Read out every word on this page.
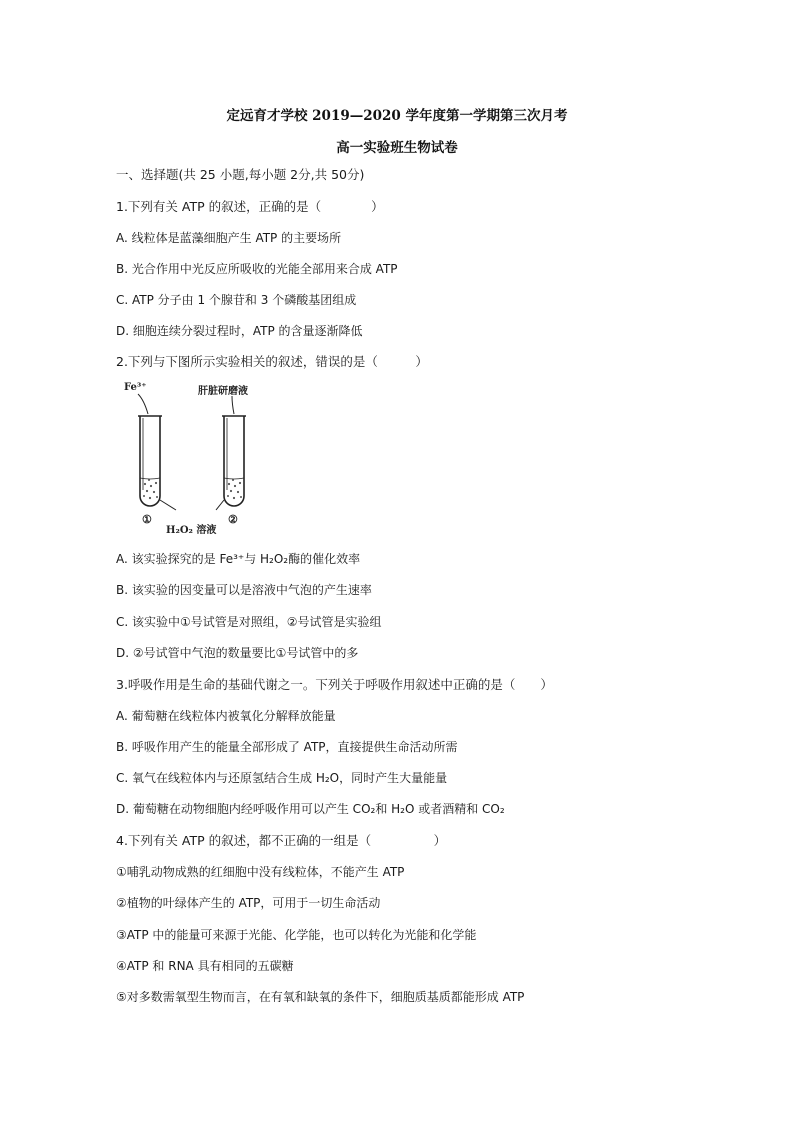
定远育才学校 2019—2020 学年度第一学期第三次月考
高一实验班生物试卷
一、选择题(共 25 小题,每小题 2分,共 50分)
1.下列有关 ATP 的叙述，正确的是（　　　　）
A. 线粒体是蓝藻细胞产生 ATP 的主要场所
B. 光合作用中光反应所吸收的光能全部用来合成 ATP
C. ATP 分子由 1 个腺苷和 3 个磷酸基团组成
D. 细胞连续分裂过程时，ATP 的含量逐渐降低
2.下列与下图所示实验相关的叙述，错误的是（　　　）
Fe³⁺	肝脏研磨液
H₂O₂ 溶液
①	②
A. 该实验探究的是 Fe³⁺与 H₂O₂酶的催化效率
B. 该实验的因变量可以是溶液中气泡的产生速率
C. 该实验中①号试管是对照组，②号试管是实验组
D. ②号试管中气泡的数量要比①号试管中的多
3.呼吸作用是生命的基础代谢之一。下列关于呼吸作用叙述中正确的是（　　）
A. 葡萄糖在线粒体内被氧化分解释放能量
B. 呼吸作用产生的能量全部形成了 ATP，直接提供生命活动所需
C. 氧气在线粒体内与还原氢结合生成 H₂O，同时产生大量能量
D. 葡萄糖在动物细胞内经呼吸作用可以产生 CO₂和 H₂O 或者酒精和 CO₂
4.下列有关 ATP 的叙述，都不正确的一组是（　　　　　）
①哺乳动物成熟的红细胞中没有线粒体，不能产生 ATP
②植物的叶绿体产生的 ATP，可用于一切生命活动
③ATP 中的能量可来源于光能、化学能，也可以转化为光能和化学能
④ATP 和 RNA 具有相同的五碳糖
⑤对多数需氧型生物而言，在有氧和缺氧的条件下，细胞质基质都能形成 ATP
